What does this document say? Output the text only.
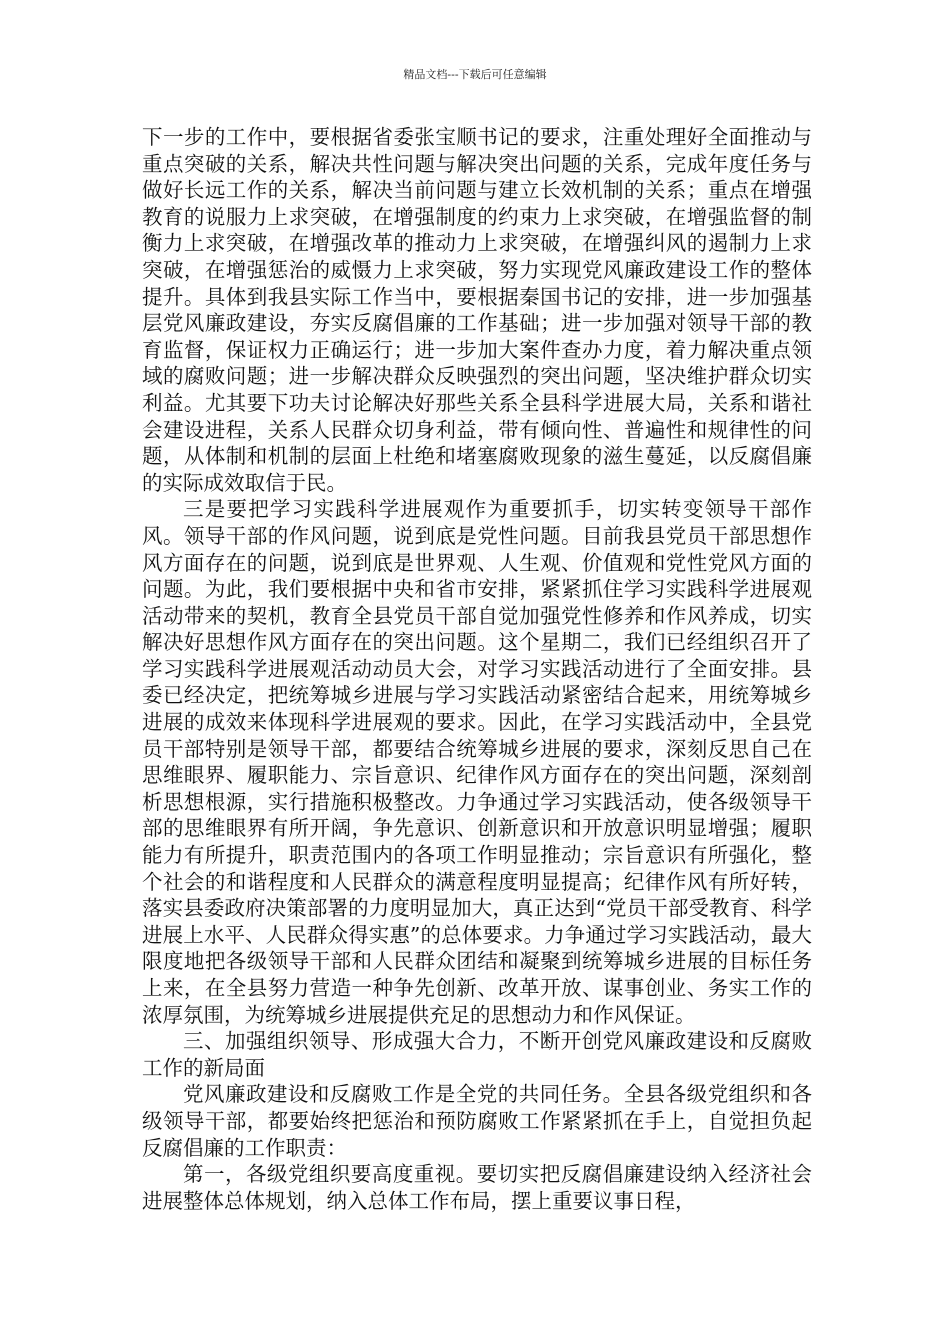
精品文档---下载后可任意编辑

下一步的工作中，要根据省委张宝顺书记的要求，注重处理好全面推动与重点突破的关系，解决共性问题与解决突出问题的关系，完成年度任务与做好长远工作的关系，解决当前问题与建立长效机制的关系；重点在增强教育的说服力上求突破，在增强制度的约束力上求突破，在增强监督的制衡力上求突破，在增强改革的推动力上求突破，在增强纠风的遏制力上求突破，在增强惩治的威慑力上求突破，努力实现党风廉政建设工作的整体提升。具体到我县实际工作当中，要根据秦国书记的安排，进一步加强基层党风廉政建设，夯实反腐倡廉的工作基础；进一步加强对领导干部的教育监督，保证权力正确运行；进一步加大案件查办力度，着力解决重点领域的腐败问题；进一步解决群众反映强烈的突出问题，坚决维护群众切实利益。尤其要下功夫讨论解决好那些关系全县科学进展大局，关系和谐社会建设进程，关系人民群众切身利益，带有倾向性、普遍性和规律性的问题，从体制和机制的层面上杜绝和堵塞腐败现象的滋生蔓延，以反腐倡廉的实际成效取信于民。

三是要把学习实践科学进展观作为重要抓手，切实转变领导干部作风。领导干部的作风问题，说到底是党性问题。目前我县党员干部思想作风方面存在的问题，说到底是世界观、人生观、价值观和党性党风方面的问题。为此，我们要根据中央和省市安排，紧紧抓住学习实践科学进展观活动带来的契机，教育全县党员干部自觉加强党性修养和作风养成，切实解决好思想作风方面存在的突出问题。这个星期二，我们已经组织召开了学习实践科学进展观活动动员大会，对学习实践活动进行了全面安排。县委已经决定，把统筹城乡进展与学习实践活动紧密结合起来，用统筹城乡进展的成效来体现科学进展观的要求。因此，在学习实践活动中，全县党员干部特别是领导干部，都要结合统筹城乡进展的要求，深刻反思自己在思维眼界、履职能力、宗旨意识、纪律作风方面存在的突出问题，深刻剖析思想根源，实行措施积极整改。力争通过学习实践活动，使各级领导干部的思维眼界有所开阔，争先意识、创新意识和开放意识明显增强；履职能力有所提升，职责范围内的各项工作明显推动；宗旨意识有所强化，整个社会的和谐程度和人民群众的满意程度明显提高；纪律作风有所好转，落实县委政府决策部署的力度明显加大，真正达到“党员干部受教育、科学进展上水平、人民群众得实惠”的总体要求。力争通过学习实践活动，最大限度地把各级领导干部和人民群众团结和凝聚到统筹城乡进展的目标任务上来，在全县努力营造一种争先创新、改革开放、谋事创业、务实工作的浓厚氛围，为统筹城乡进展提供充足的思想动力和作风保证。

三、加强组织领导、形成强大合力，不断开创党风廉政建设和反腐败工作的新局面

党风廉政建设和反腐败工作是全党的共同任务。全县各级党组织和各级领导干部，都要始终把惩治和预防腐败工作紧紧抓在手上，自觉担负起反腐倡廉的工作职责：

第一，各级党组织要高度重视。要切实把反腐倡廉建设纳入经济社会进展整体总体规划，纳入总体工作布局，摆上重要议事日程，
